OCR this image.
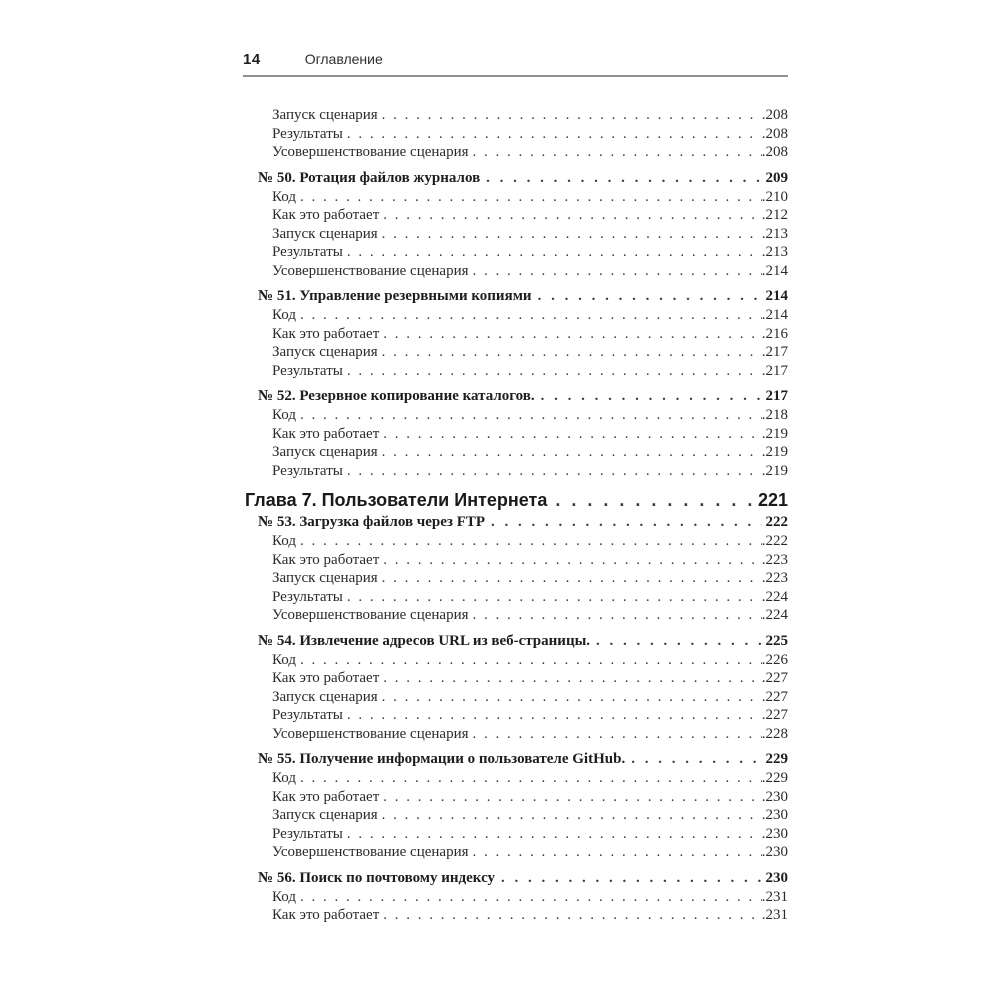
14	Оглавление
Запуск сценария . . .	. 208
Результаты . . .	. 208
Усовершенствование сценария . . .	. 208
№ 50. Ротация файлов журналов . . .	209
Код . . .	. 210
Как это работает . . .	. 212
Запуск сценария . . .	. 213
Результаты . . .	. 213
Усовершенствование сценария . . .	. 214
№ 51. Управление резервными копиями . . .	214
Код . . .	. 214
Как это работает . . .	. 216
Запуск сценария . . .	. 217
Результаты . . .	. 217
№ 52. Резервное копирование каталогов. . . .	217
Код . . .	. 218
Как это работает . . .	. 219
Запуск сценария . . .	. 219
Результаты . . .	. 219
Глава 7. Пользователи Интернета . . .	221
№ 53. Загрузка файлов через FTP . . .	222
Код . . .	. 222
Как это работает . . .	. 223
Запуск сценария . . .	. 223
Результаты . . .	. 224
Усовершенствование сценария . . .	. 224
№ 54. Извлечение адресов URL из веб-страницы. . . .	225
Код . . .	. 226
Как это работает . . .	. 227
Запуск сценария . . .	. 227
Результаты . . .	. 227
Усовершенствование сценария . . .	. 228
№ 55. Получение информации о пользователе GitHub. . . .	229
Код . . .	. 229
Как это работает . . .	. 230
Запуск сценария . . .	. 230
Результаты . . .	. 230
Усовершенствование сценария . . .	. 230
№ 56. Поиск по почтовому индексу . . .	230
Код . . .	. 231
Как это работает . . .	. 231
